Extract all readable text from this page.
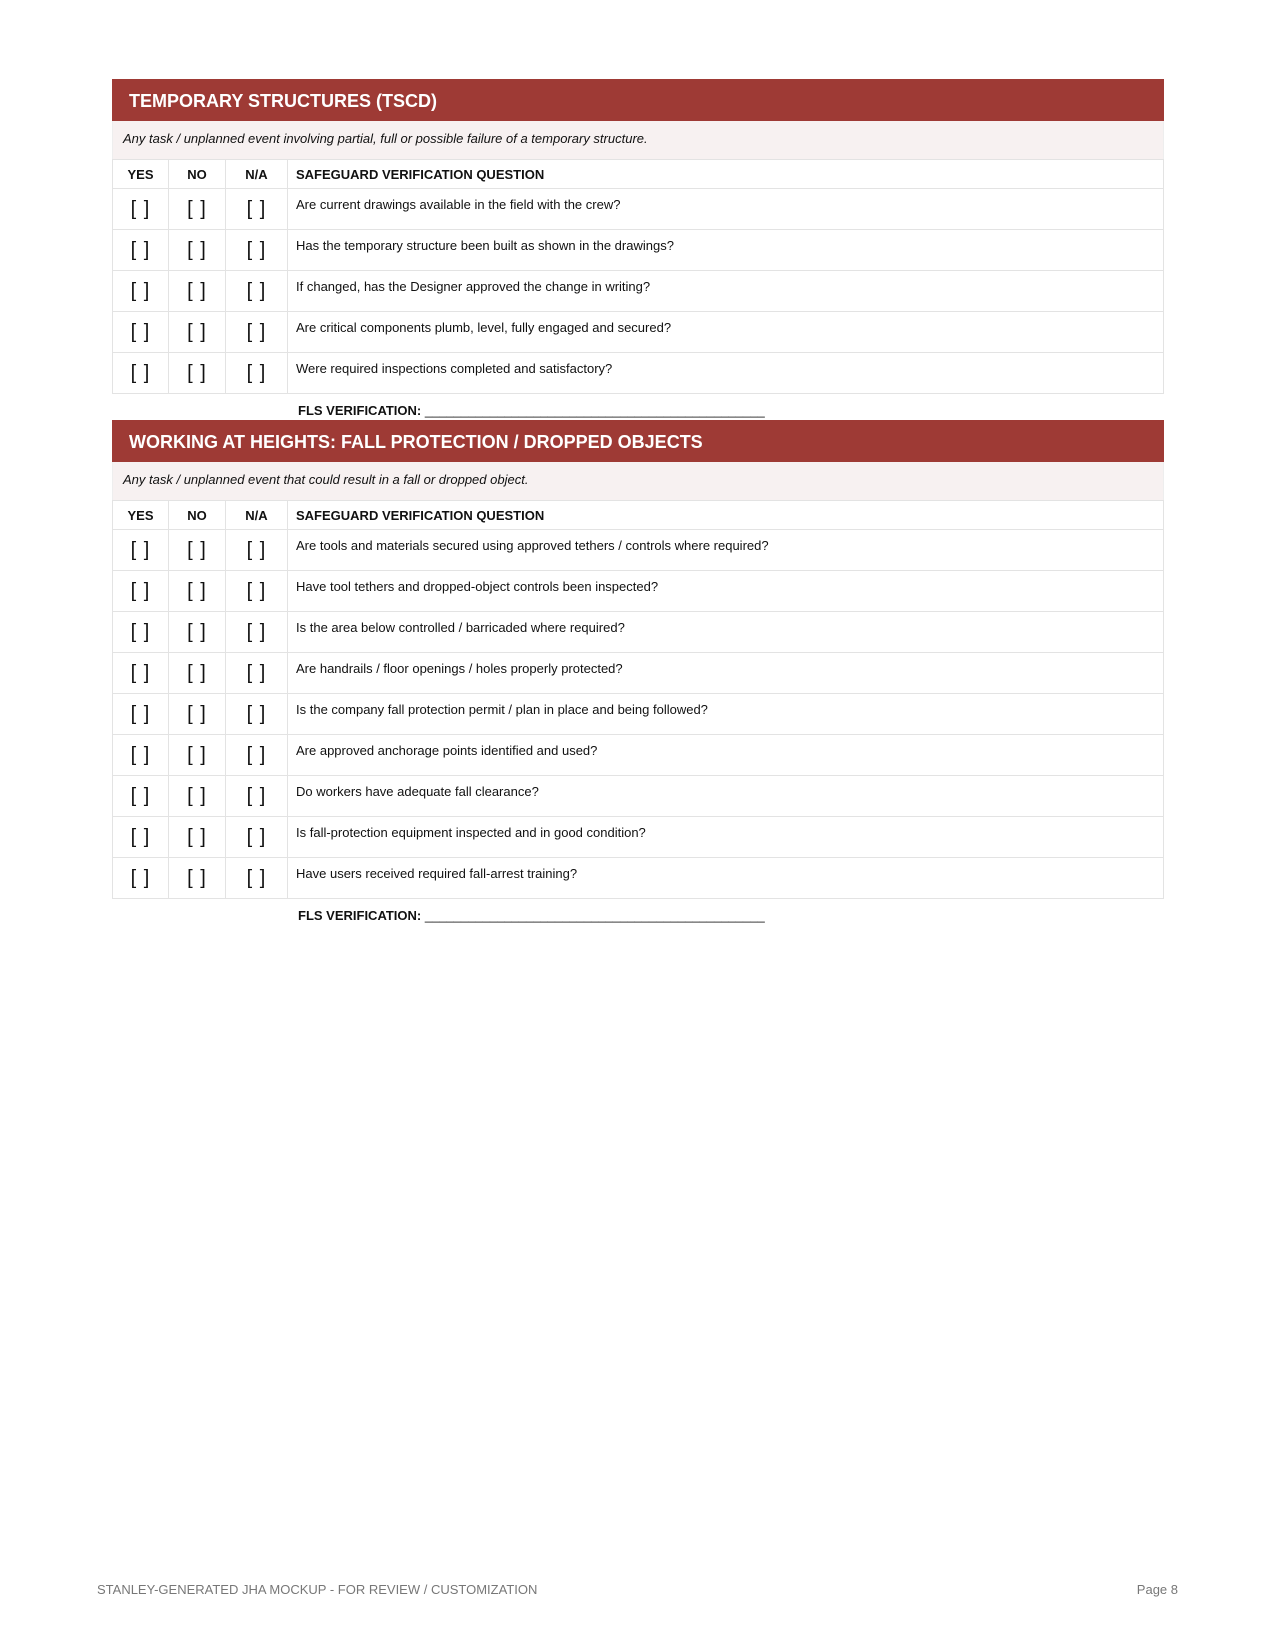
TEMPORARY STRUCTURES (TSCD)
Any task / unplanned event involving partial, full or possible failure of a temporary structure.
YES	NO	N/A	SAFEGUARD VERIFICATION QUESTION
[ ]	[ ]	[ ]	Are current drawings available in the field with the crew?
[ ]	[ ]	[ ]	Has the temporary structure been built as shown in the drawings?
[ ]	[ ]	[ ]	If changed, has the Designer approved the change in writing?
[ ]	[ ]	[ ]	Are critical components plumb, level, fully engaged and secured?
[ ]	[ ]	[ ]	Were required inspections completed and satisfactory?
FLS VERIFICATION: _______________________________________________
WORKING AT HEIGHTS: FALL PROTECTION / DROPPED OBJECTS
Any task / unplanned event that could result in a fall or dropped object.
YES	NO	N/A	SAFEGUARD VERIFICATION QUESTION
[ ]	[ ]	[ ]	Are tools and materials secured using approved tethers / controls where required?
[ ]	[ ]	[ ]	Have tool tethers and dropped-object controls been inspected?
[ ]	[ ]	[ ]	Is the area below controlled / barricaded where required?
[ ]	[ ]	[ ]	Are handrails / floor openings / holes properly protected?
[ ]	[ ]	[ ]	Is the company fall protection permit / plan in place and being followed?
[ ]	[ ]	[ ]	Are approved anchorage points identified and used?
[ ]	[ ]	[ ]	Do workers have adequate fall clearance?
[ ]	[ ]	[ ]	Is fall-protection equipment inspected and in good condition?
[ ]	[ ]	[ ]	Have users received required fall-arrest training?
FLS VERIFICATION: _______________________________________________
STANLEY-GENERATED JHA MOCKUP - FOR REVIEW / CUSTOMIZATION	Page 8
